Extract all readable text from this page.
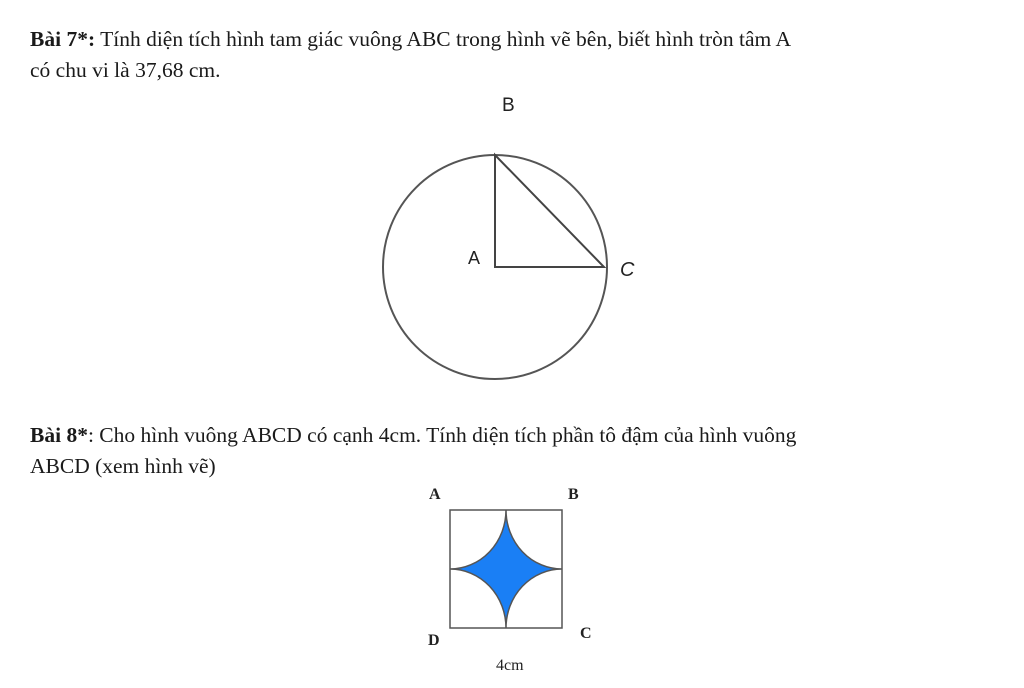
Bài 7*: Tính diện tích hình tam giác vuông ABC trong hình vẽ bên, biết hình tròn tâm A
có chu vi là 37,68 cm.

B
A
C

Bài 8*: Cho hình vuông ABCD có cạnh 4cm. Tính diện tích phần tô đậm của hình vuông
ABCD (xem hình vẽ)

A	B
C
D
4cm
